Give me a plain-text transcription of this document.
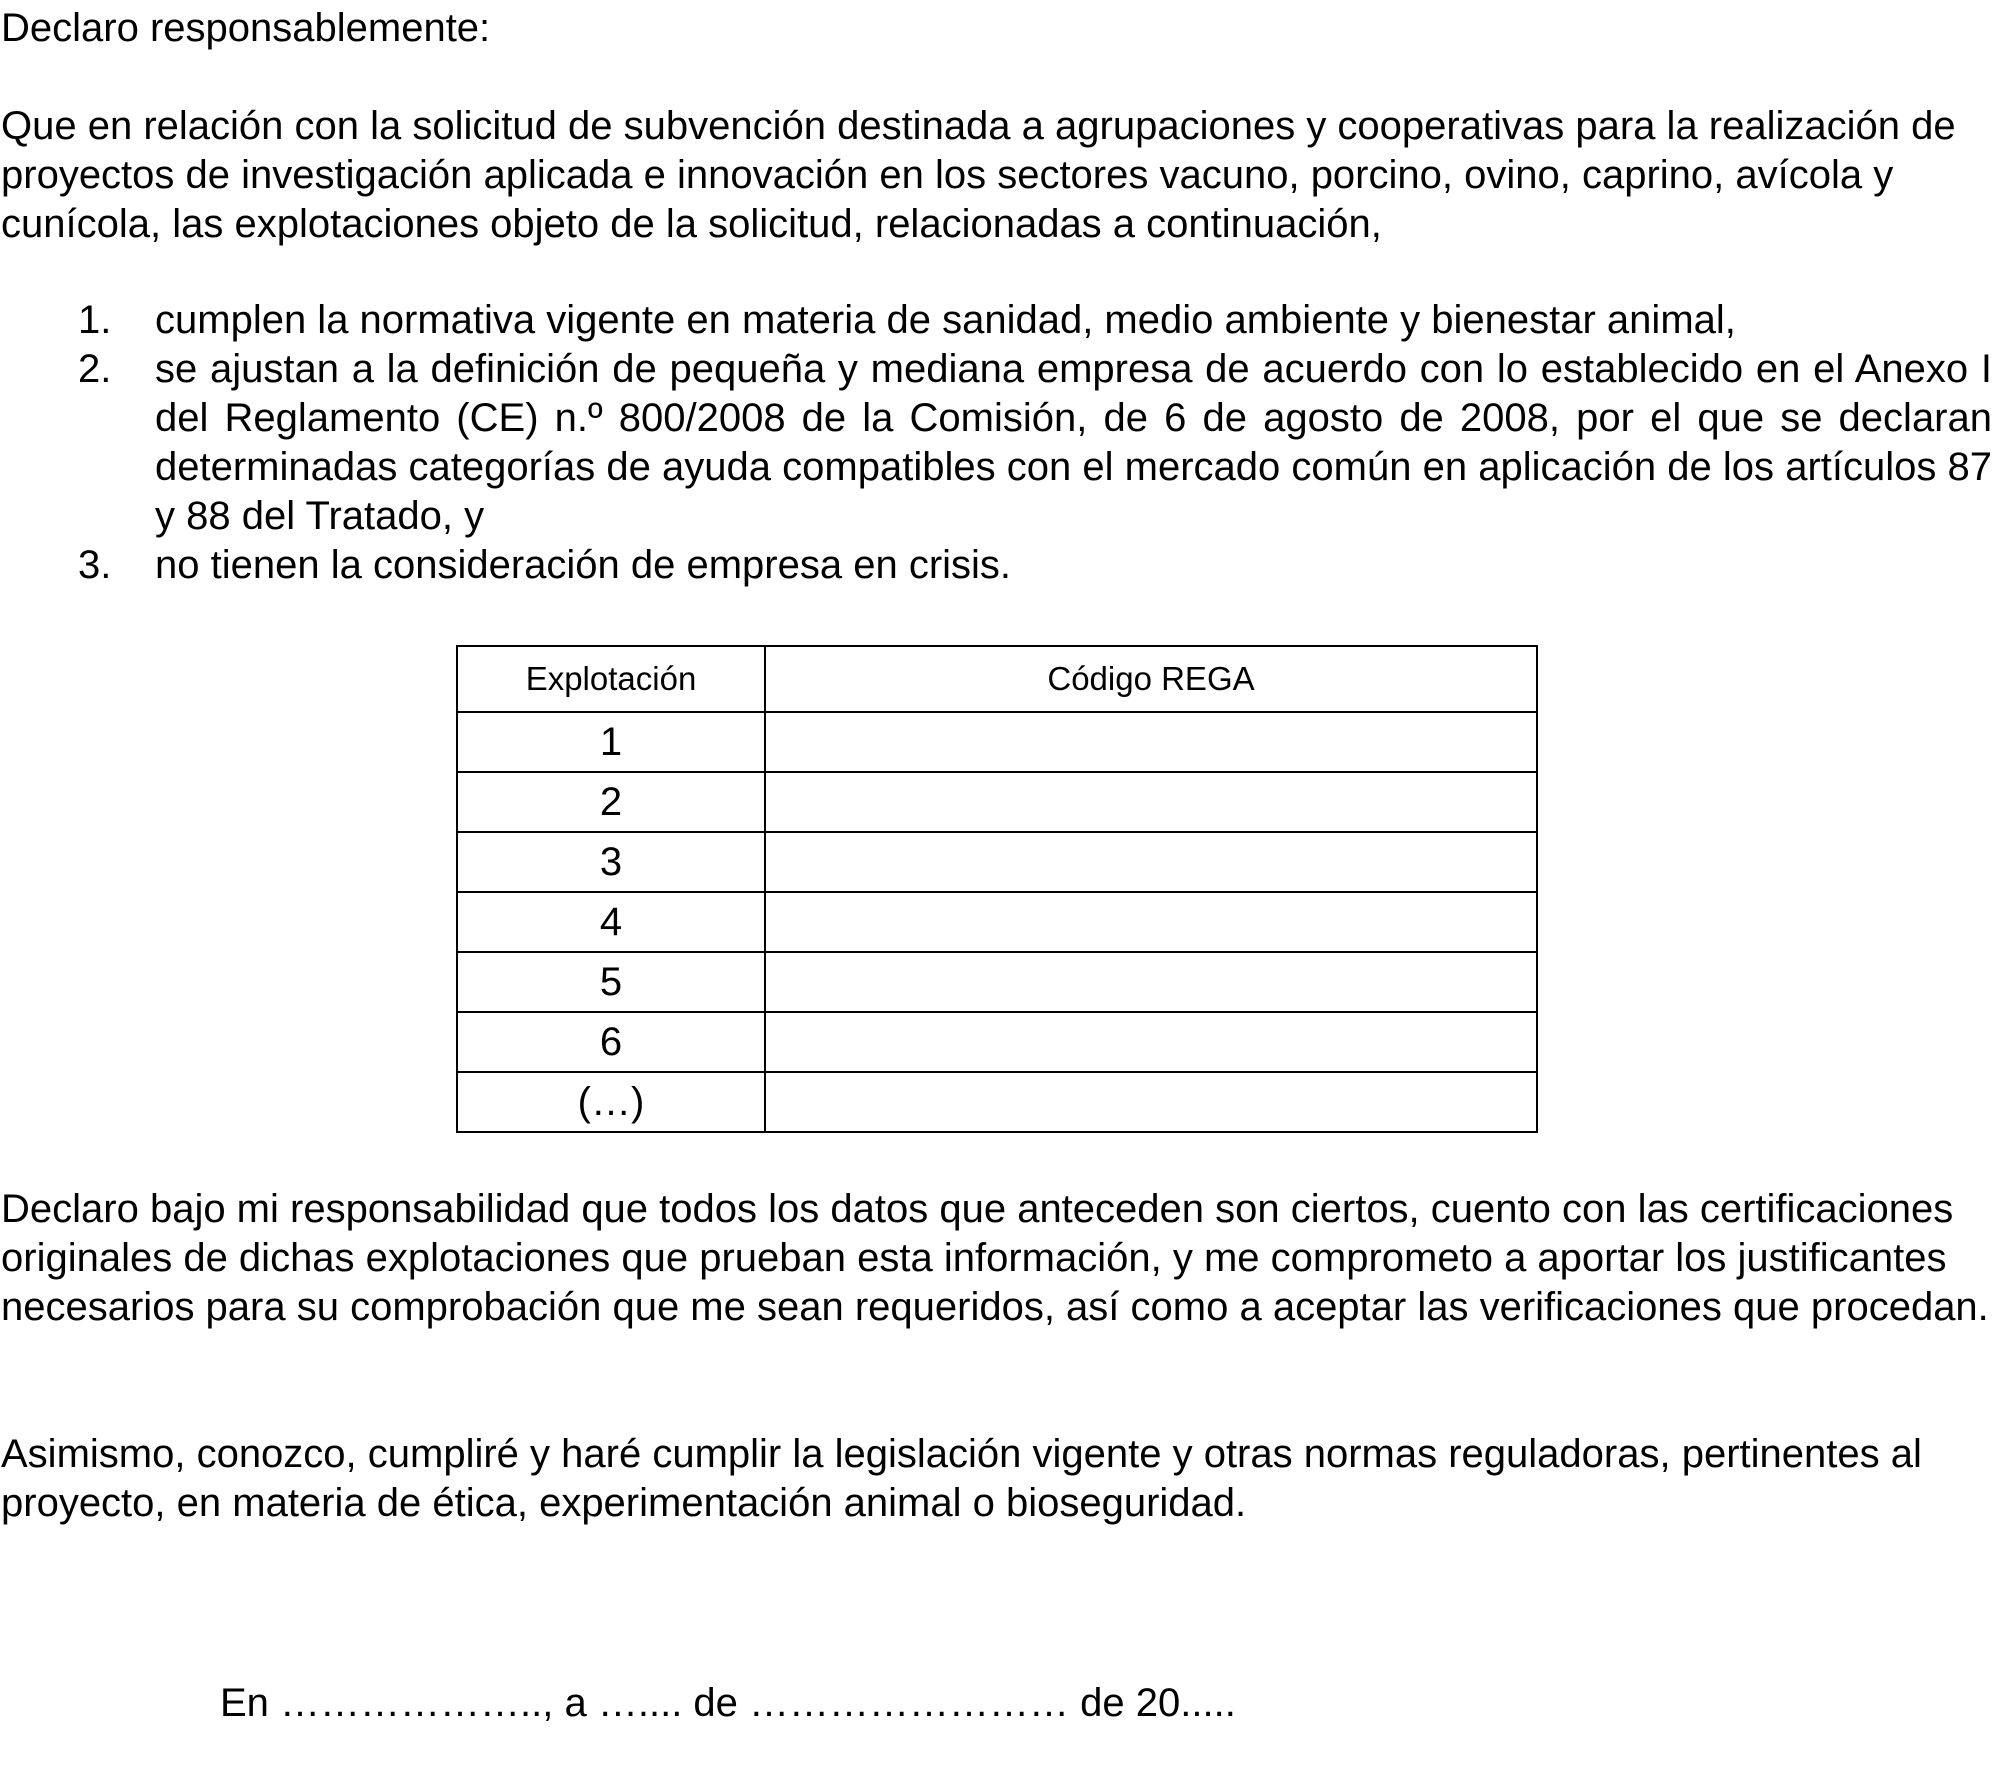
Declaro responsablemente:

Que en relación con la solicitud de subvención destinada a agrupaciones y cooperativas para la realización de proyectos de investigación aplicada e innovación en los sectores vacuno, porcino, ovino, caprino, avícola y cunícola, las explotaciones objeto de la solicitud, relacionadas a continuación,

1. cumplen la normativa vigente en materia de sanidad, medio ambiente y bienestar animal,
2. se ajustan a la definición de pequeña y mediana empresa de acuerdo con lo establecido en el Anexo I del Reglamento (CE) n.º 800/2008 de la Comisión, de 6 de agosto de 2008, por el que se declaran determinadas categorías de ayuda compatibles con el mercado común en aplicación de los artículos 87 y 88 del Tratado, y
3. no tienen la consideración de empresa en crisis.
Explotación	Código REGA
1	
2	
3	
4	
5	
6	
(…)	

Declaro bajo mi responsabilidad que todos los datos que anteceden son ciertos, cuento con las certificaciones originales de dichas explotaciones que prueban esta información, y me comprometo a aportar los justificantes necesarios para su comprobación que me sean requeridos, así como a aceptar las verificaciones que procedan.

Asimismo, conozco, cumpliré y haré cumplir la legislación vigente y otras normas reguladoras, pertinentes al proyecto, en materia de ética, experimentación animal o bioseguridad.

En ……………….., a ….... de …………………… de 20.....
